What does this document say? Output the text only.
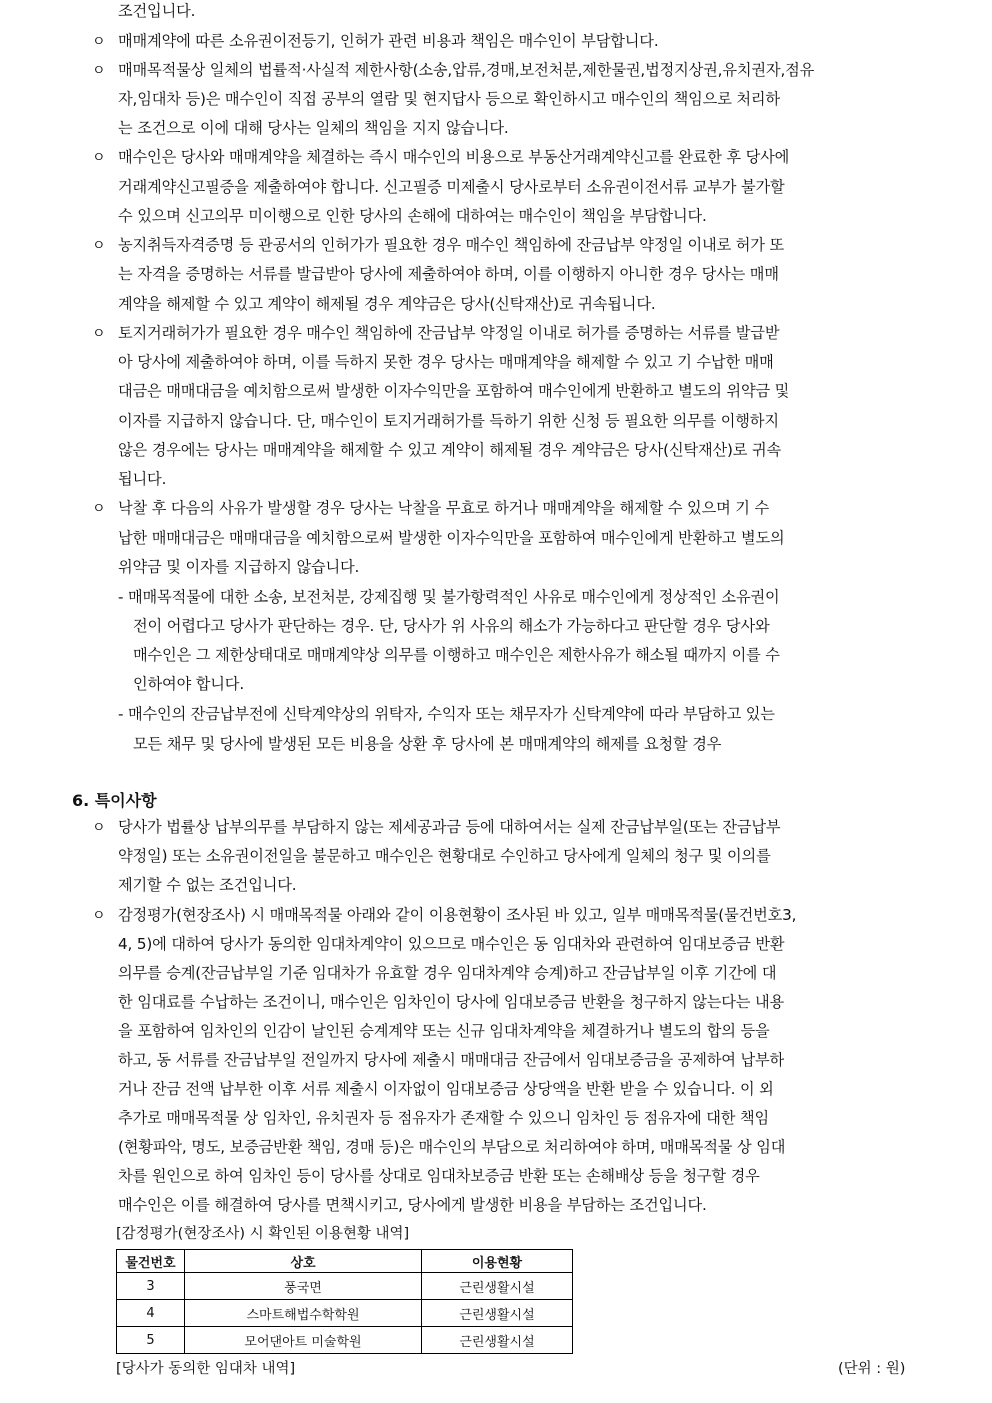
조건입니다.
ㅇ 매매계약에 따른 소유권이전등기, 인허가 관련 비용과 책임은 매수인이 부담합니다.
ㅇ 매매목적물상 일체의 법률적·사실적 제한사항(소송,압류,경매,보전처분,제한물권,법정지상권,유치권자,점유
자,임대차 등)은 매수인이 직접 공부의 열람 및 현지답사 등으로 확인하시고 매수인의 책임으로 처리하
는 조건으로 이에 대해 당사는 일체의 책임을 지지 않습니다.
ㅇ 매수인은 당사와 매매계약을 체결하는 즉시 매수인의 비용으로 부동산거래계약신고를 완료한 후 당사에
거래계약신고필증을 제출하여야 합니다. 신고필증 미제출시 당사로부터 소유권이전서류 교부가 불가할
수 있으며 신고의무 미이행으로 인한 당사의 손해에 대하여는 매수인이 책임을 부담합니다.
ㅇ 농지취득자격증명 등 관공서의 인허가가 필요한 경우 매수인 책임하에 잔금납부 약정일 이내로 허가 또
는 자격을 증명하는 서류를 발급받아 당사에 제출하여야 하며, 이를 이행하지 아니한 경우 당사는 매매
계약을 해제할 수 있고 계약이 해제될 경우 계약금은 당사(신탁재산)로 귀속됩니다.
ㅇ 토지거래허가가 필요한 경우 매수인 책임하에 잔금납부 약정일 이내로 허가를 증명하는 서류를 발급받
아 당사에 제출하여야 하며, 이를 득하지 못한 경우 당사는 매매계약을 해제할 수 있고 기 수납한 매매
대금은 매매대금을 예치함으로써 발생한 이자수익만을 포함하여 매수인에게 반환하고 별도의 위약금 및
이자를 지급하지 않습니다. 단, 매수인이 토지거래허가를 득하기 위한 신청 등 필요한 의무를 이행하지
않은 경우에는 당사는 매매계약을 해제할 수 있고 계약이 해제될 경우 계약금은 당사(신탁재산)로 귀속
됩니다.
ㅇ 낙찰 후 다음의 사유가 발생할 경우 당사는 낙찰을 무효로 하거나 매매계약을 해제할 수 있으며 기 수
납한 매매대금은 매매대금을 예치함으로써 발생한 이자수익만을 포함하여 매수인에게 반환하고 별도의
위약금 및 이자를 지급하지 않습니다.
- 매매목적물에 대한 소송, 보전처분, 강제집행 및 불가항력적인 사유로 매수인에게 정상적인 소유권이
전이 어렵다고 당사가 판단하는 경우. 단, 당사가 위 사유의 해소가 가능하다고 판단할 경우 당사와
매수인은 그 제한상태대로 매매계약상 의무를 이행하고 매수인은 제한사유가 해소될 때까지 이를 수
인하여야 합니다.
- 매수인의 잔금납부전에 신탁계약상의 위탁자, 수익자 또는 채무자가 신탁계약에 따라 부담하고 있는
모든 채무 및 당사에 발생된 모든 비용을 상환 후 당사에 본 매매계약의 해제를 요청할 경우
6. 특이사항
ㅇ 당사가 법률상 납부의무를 부담하지 않는 제세공과금 등에 대하여서는 실제 잔금납부일(또는 잔금납부
약정일) 또는 소유권이전일을 불문하고 매수인은 현황대로 수인하고 당사에게 일체의 청구 및 이의를
제기할 수 없는 조건입니다.
ㅇ 감정평가(현장조사) 시 매매목적물 아래와 같이 이용현황이 조사된 바 있고, 일부 매매목적물(물건번호3,
4, 5)에 대하여 당사가 동의한 임대차계약이 있으므로 매수인은 동 임대차와 관련하여 임대보증금 반환
의무를 승계(잔금납부일 기준 임대차가 유효할 경우 임대차계약 승계)하고 잔금납부일 이후 기간에 대
한 임대료를 수납하는 조건이니, 매수인은 임차인이 당사에 임대보증금 반환을 청구하지 않는다는 내용
을 포함하여 임차인의 인감이 날인된 승계계약 또는 신규 임대차계약을 체결하거나 별도의 합의 등을
하고, 동 서류를 잔금납부일 전일까지 당사에 제출시 매매대금 잔금에서 임대보증금을 공제하여 납부하
거나 잔금 전액 납부한 이후 서류 제출시 이자없이 임대보증금 상당액을 반환 받을 수 있습니다. 이 외
추가로 매매목적물 상 임차인, 유치권자 등 점유자가 존재할 수 있으니 임차인 등 점유자에 대한 책임
(현황파악, 명도, 보증금반환 책임, 경매 등)은 매수인의 부담으로 처리하여야 하며, 매매목적물 상 임대
차를 원인으로 하여 임차인 등이 당사를 상대로 임대차보증금 반환 또는 손해배상 등을 청구할 경우
매수인은 이를 해결하여 당사를 면책시키고, 당사에게 발생한 비용을 부담하는 조건입니다.
[감정평가(현장조사) 시 확인된 이용현황 내역]
물건번호	상호	이용현황
3	풍국면	근린생활시설
4	스마트해법수학학원	근린생활시설
5	모어댄아트 미술학원	근린생활시설
[당사가 동의한 임대차 내역]	(단위 : 원)
